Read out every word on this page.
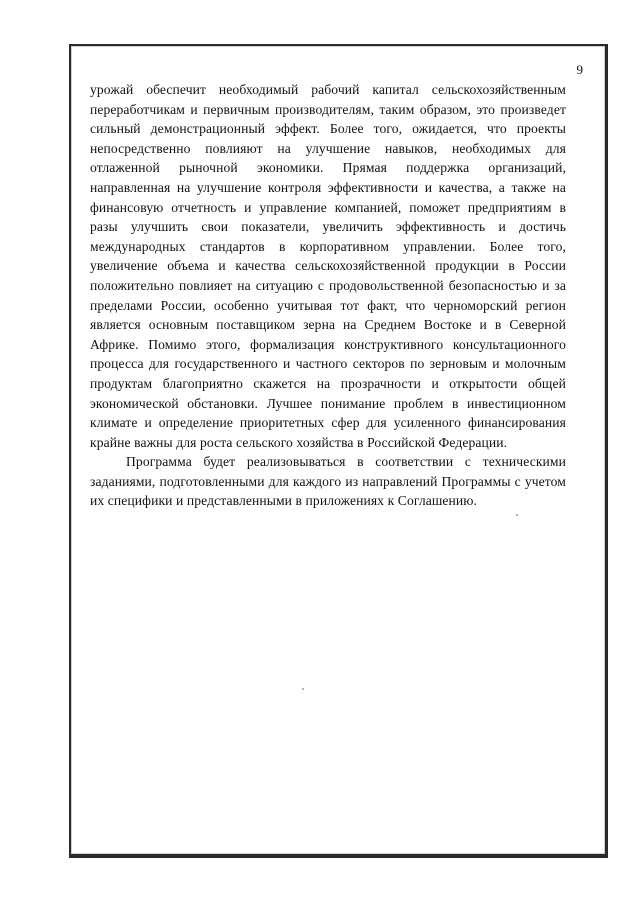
9

урожай обеспечит необходимый рабочий капитал сельскохозяйственным переработчикам и первичным производителям, таким образом, это произведет сильный демонстрационный эффект. Более того, ожидается, что проекты непосредственно повлияют на улучшение навыков, необходимых для отлаженной рыночной экономики. Прямая поддержка организаций, направленная на улучшение контроля эффективности и качества, а также на финансовую отчетность и управление компанией, поможет предприятиям в разы улучшить свои показатели, увеличить эффективность и достичь международных стандартов в корпоративном управлении. Более того, увеличение объема и качества сельскохозяйственной продукции в России положительно повлияет на ситуацию с продовольственной безопасностью и за пределами России, особенно учитывая тот факт, что черноморский регион является основным поставщиком зерна на Среднем Востоке и в Северной Африке. Помимо этого, формализация конструктивного консультационного процесса для государственного и частного секторов по зерновым и молочным продуктам благоприятно скажется на прозрачности и открытости общей экономической обстановки. Лучшее понимание проблем в инвестиционном климате и определение приоритетных сфер для усиленного финансирования крайне важны для роста сельского хозяйства в Российской Федерации.

Программа будет реализовываться в соответствии с техническими заданиями, подготовленными для каждого из направлений Программы с учетом их специфики и представленными в приложениях к Соглашению.
